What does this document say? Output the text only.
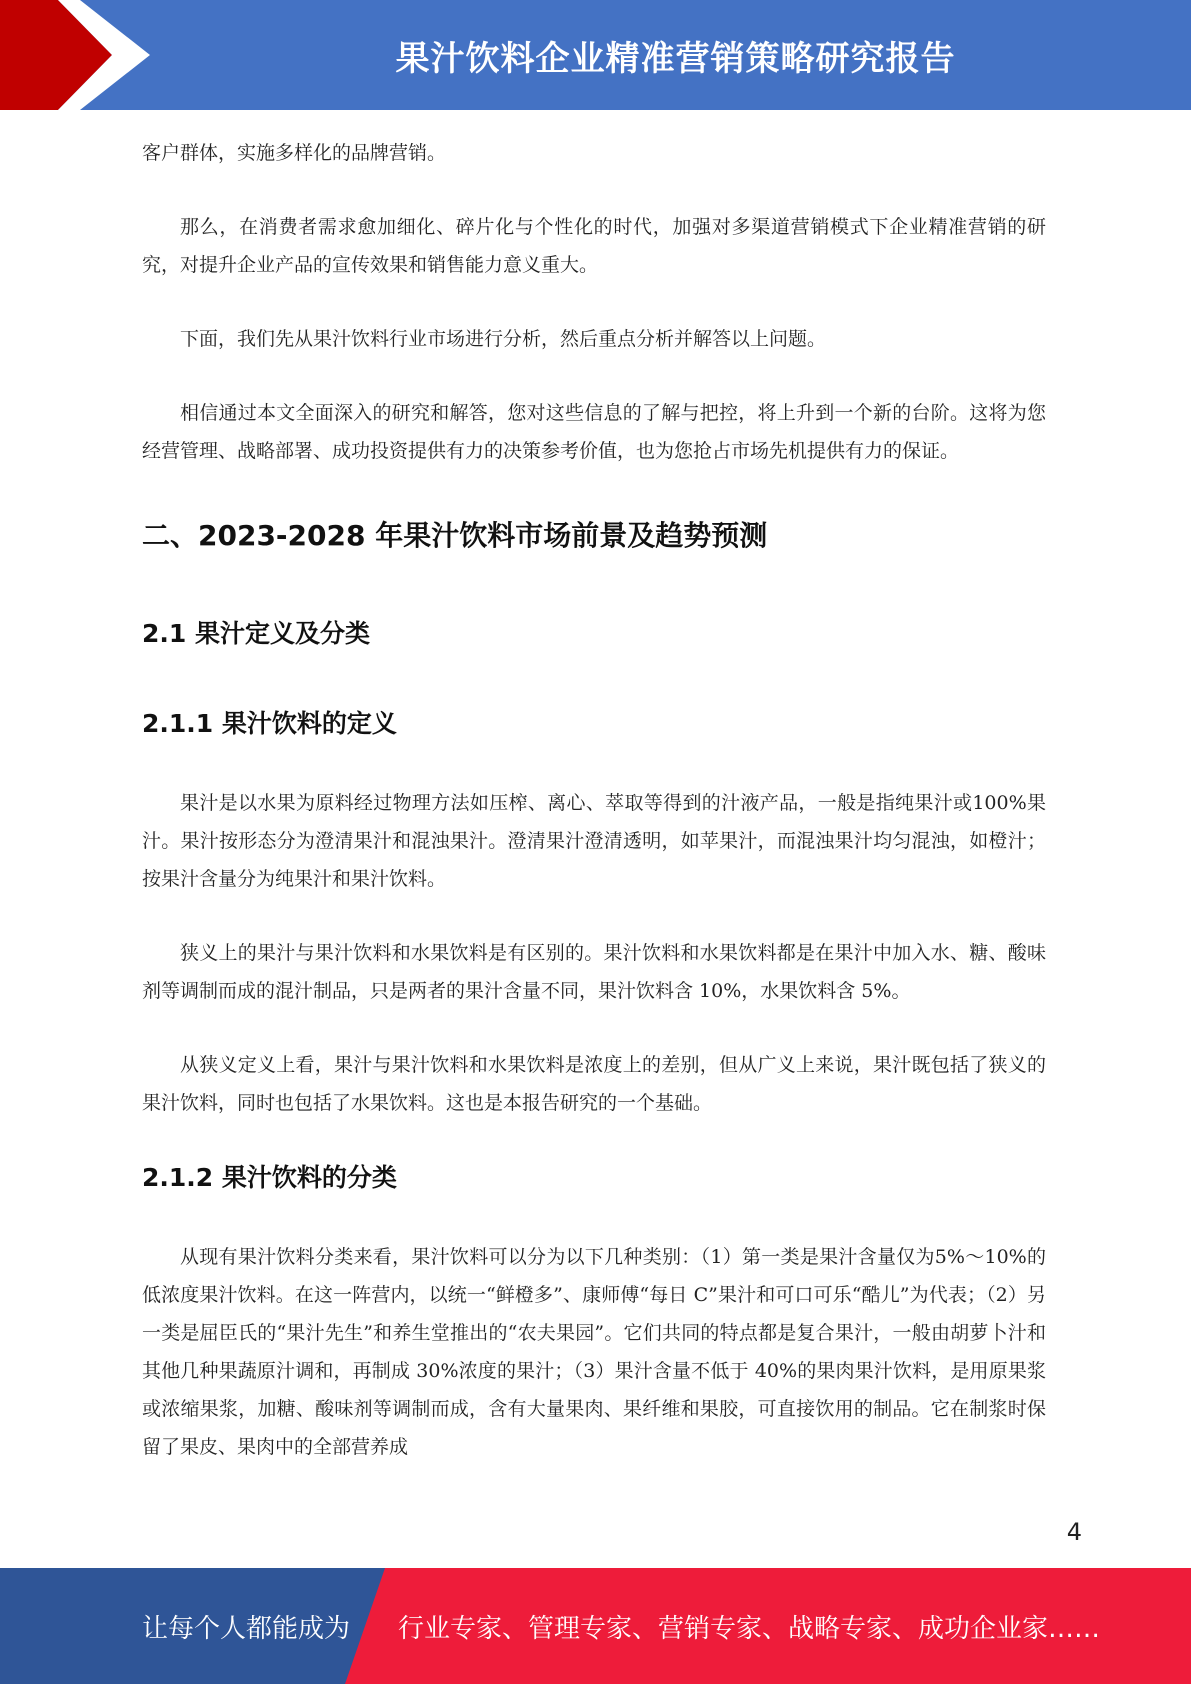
果汁饮料企业精准营销策略研究报告

客户群体，实施多样化的品牌营销。

那么，在消费者需求愈加细化、碎片化与个性化的时代，加强对多渠道营销模式下企业精准营销的研究，对提升企业产品的宣传效果和销售能力意义重大。

下面，我们先从果汁饮料行业市场进行分析，然后重点分析并解答以上问题。

相信通过本文全面深入的研究和解答，您对这些信息的了解与把控，将上升到一个新的台阶。这将为您经营管理、战略部署、成功投资提供有力的决策参考价值，也为您抢占市场先机提供有力的保证。

二、2023-2028 年果汁饮料市场前景及趋势预测
2.1 果汁定义及分类
2.1.1 果汁饮料的定义

果汁是以水果为原料经过物理方法如压榨、离心、萃取等得到的汁液产品，一般是指纯果汁或100%果汁。果汁按形态分为澄清果汁和混浊果汁。澄清果汁澄清透明，如苹果汁，而混浊果汁均匀混浊，如橙汁；按果汁含量分为纯果汁和果汁饮料。

狭义上的果汁与果汁饮料和水果饮料是有区别的。果汁饮料和水果饮料都是在果汁中加入水、糖、酸味剂等调制而成的混汁制品，只是两者的果汁含量不同，果汁饮料含 10%，水果饮料含 5%。

从狭义定义上看，果汁与果汁饮料和水果饮料是浓度上的差别，但从广义上来说，果汁既包括了狭义的果汁饮料，同时也包括了水果饮料。这也是本报告研究的一个基础。

2.1.2 果汁饮料的分类

从现有果汁饮料分类来看，果汁饮料可以分为以下几种类别：（1）第一类是果汁含量仅为5%～10%的低浓度果汁饮料。在这一阵营内，以统一“鲜橙多”、康师傅“每日 C”果汁和可口可乐“酷儿”为代表；（2）另一类是屈臣氏的“果汁先生”和养生堂推出的“农夫果园”。它们共同的特点都是复合果汁，一般由胡萝卜汁和其他几种果蔬原汁调和，再制成 30%浓度的果汁；（3）果汁含量不低于 40%的果肉果汁饮料，是用原果浆或浓缩果浆，加糖、酸味剂等调制而成，含有大量果肉、果纤维和果胶，可直接饮用的制品。它在制浆时保留了果皮、果肉中的全部营养成

4
让每个人都能成为 行业专家、管理专家、营销专家、战略专家、成功企业家……
